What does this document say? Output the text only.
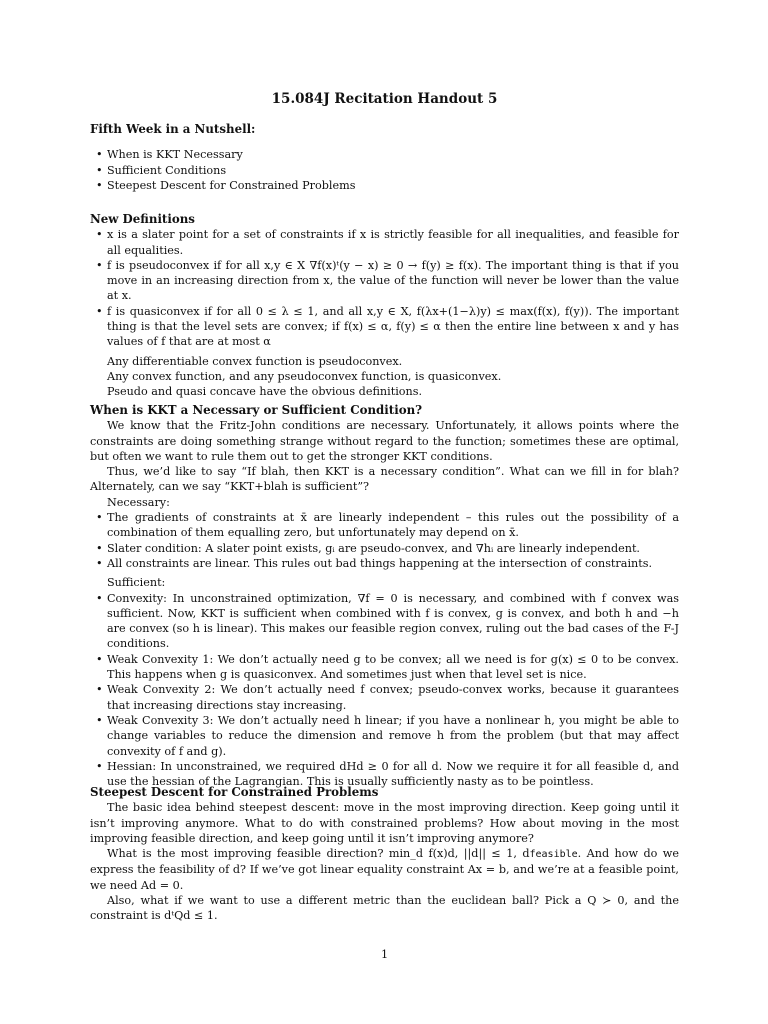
15.084J Recitation Handout 5
Fifth Week in a Nutshell:
• When is KKT Necessary
• Sufficient Conditions
• Steepest Descent for Constrained Problems
New Definitions
• x is a slater point for a set of constraints if x is strictly feasible for all inequalities, and feasible for all equalities.
• f is pseudoconvex if for all x,y ∈ X ∇f(x)ᵗ(y − x) ≥ 0 → f(y) ≥ f(x). The important thing is that if you move in an increasing direction from x, the value of the function will never be lower than the value at x.
• f is quasiconvex if for all 0 ≤ λ ≤ 1, and all x,y ∈ X, f(λx+(1−λ)y) ≤ max(f(x), f(y)). The important thing is that the level sets are convex; if f(x) ≤ α, f(y) ≤ α then the entire line between x and y has values of f that are at most α

Any differentiable convex function is pseudoconvex.

Any convex function, and any pseudoconvex function, is quasiconvex.

Pseudo and quasi concave have the obvious definitions.

When is KKT a Necessary or Sufficient Condition?

We know that the Fritz-John conditions are necessary. Unfortunately, it allows points where the constraints are doing something strange without regard to the function; sometimes these are optimal, but often we want to rule them out to get the stronger KKT conditions.

Thus, we’d like to say “If blah, then KKT is a necessary condition”. What can we fill in for blah? Alternately, can we say “KKT+blah is sufficient”?

Necessary:

• The gradients of constraints at x̄ are linearly independent – this rules out the possibility of a combination of them equalling zero, but unfortunately may depend on x̄.
• Slater condition: A slater point exists, gᵢ are pseudo-convex, and ∇hᵢ are linearly independent.
• All constraints are linear. This rules out bad things happening at the intersection of constraints.

Sufficient:

• Convexity: In unconstrained optimization, ∇f = 0 is necessary, and combined with f convex was sufficient. Now, KKT is sufficient when combined with f is convex, g is convex, and both h and −h are convex (so h is linear). This makes our feasible region convex, ruling out the bad cases of the F-J conditions.
• Weak Convexity 1: We don’t actually need g to be convex; all we need is for g(x) ≤ 0 to be convex. This happens when g is quasiconvex. And sometimes just when that level set is nice.
• Weak Convexity 2: We don’t actually need f convex; pseudo-convex works, because it guarantees that increasing directions stay increasing.
• Weak Convexity 3: We don’t actually need h linear; if you have a nonlinear h, you might be able to change variables to reduce the dimension and remove h from the problem (but that may affect convexity of f and g).
• Hessian: In unconstrained, we required dHd ≥ 0 for all d. Now we require it for all feasible d, and use the hessian of the Lagrangian. This is usually sufficiently nasty as to be pointless.
Steepest Descent for Constrained Problems

The basic idea behind steepest descent: move in the most improving direction. Keep going until it isn’t improving anymore. What to do with constrained problems? How about moving in the most improving feasible direction, and keep going until it isn’t improving anymore?

What is the most improving feasible direction? min_d f(x)d, ||d|| ≤ 1, dfeasible. And how do we express the feasibility of d? If we’ve got linear equality constraint Ax = b, and we’re at a feasible point, we need Ad = 0.

Also, what if we want to use a different metric than the euclidean ball? Pick a Q ≻ 0, and the constraint is dᵗQd ≤ 1.

1
